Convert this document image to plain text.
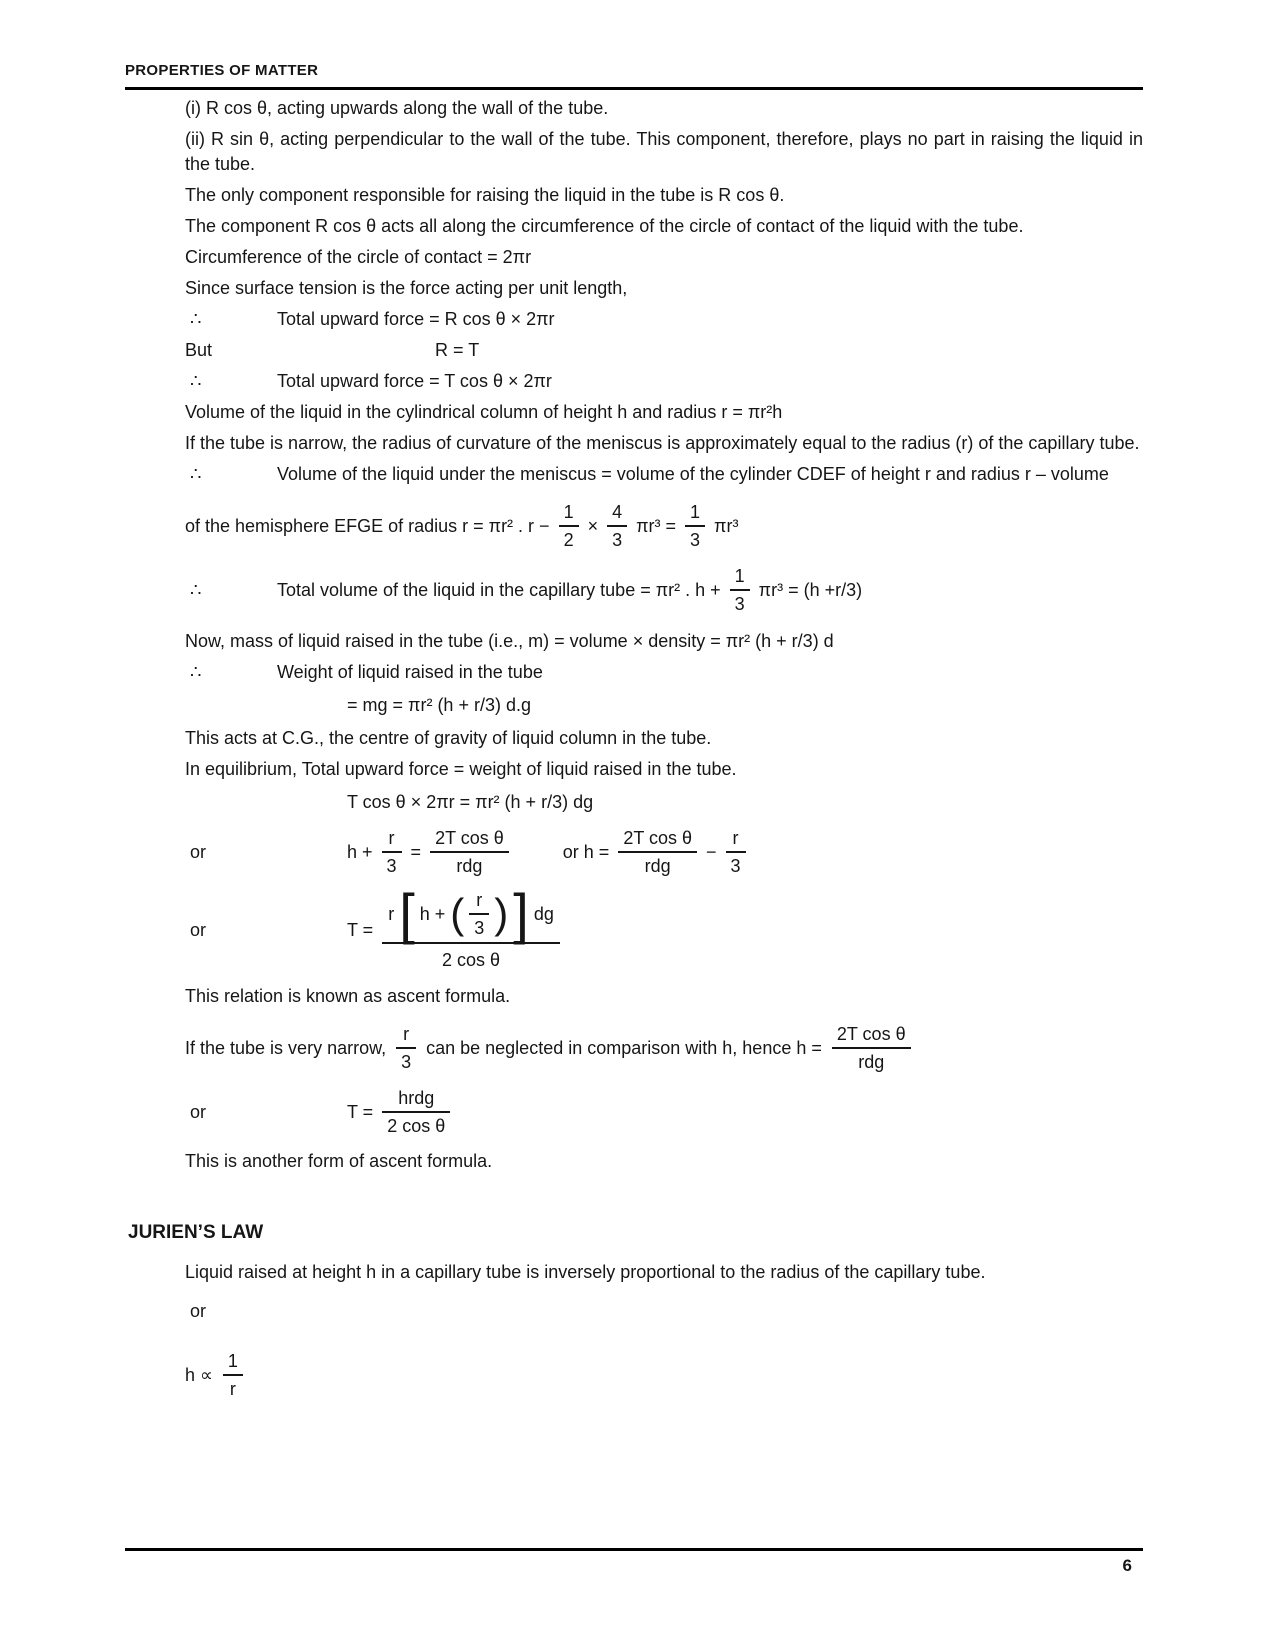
PROPERTIES OF MATTER
(i) R cos θ, acting upwards along the wall of the tube.
(ii) R sin θ, acting perpendicular to the wall of the tube. This component, therefore, plays no part in raising the liquid in the tube.
The only component responsible for raising the liquid in the tube is R cos θ.
The component R cos θ acts all along the circumference of the circle of contact of the liquid with the tube.
Circumference of the circle of contact = 2πr
Since surface tension is the force acting per unit length,
∴	Total upward force = R cos θ × 2πr
But	R = T
∴	Total upward force = T cos θ × 2πr
Volume of the liquid in the cylindrical column of height h and radius r = πr²h
If the tube is narrow, the radius of curvature of the meniscus is approximately equal to the radius (r) of the capillary tube.
∴	Volume of the liquid under the meniscus = volume of the cylinder CDEF of height r and radius r – volume
of the hemisphere EFGE of radius r = πr² . $r - \frac{1}{2} \times \frac{4}{3} \pi r^3 = \frac{1}{3} \pi r^3$
∴	Total volume of the liquid in the capillary tube = πr² . $h + \frac{1}{3} \pi r^3 = (h +r/3)$
Now, mass of liquid raised in the tube (i.e., m) = volume × density = πr² (h + r/3) d
∴	Weight of liquid raised in the tube
= mg = πr² (h + r/3) d.g
This acts at C.G., the centre of gravity of liquid column in the tube.
In equilibrium, Total upward force = weight of liquid raised in the tube.
T cos θ × 2πr = πr² (h + r/3) dg
or	$h + \frac{r}{3} = \frac{\text{2T cos θ}}{\text{rdg}}$	or $h = \frac{\text{2T cos θ}}{\text{rdg}} - \frac{r}{3}$
or	T =
r [ h + ( $\frac{r}{3}$ ) ] dg
2 cos θ
This relation is known as ascent formula.
If the tube is very narrow, $\frac{r}{3}$ can be neglected in comparison with h, hence $h = \frac{\text{2T cos θ}}{\text{rdg}}$
or	$T = \frac{\text{hrdg}}{\text{2 cos θ}}$
This is another form of ascent formula.
JURIEN’S LAW
Liquid raised at height h in a capillary tube is inversely proportional to the radius of the capillary tube.
or
$h \propto \frac{1}{r}$
6
